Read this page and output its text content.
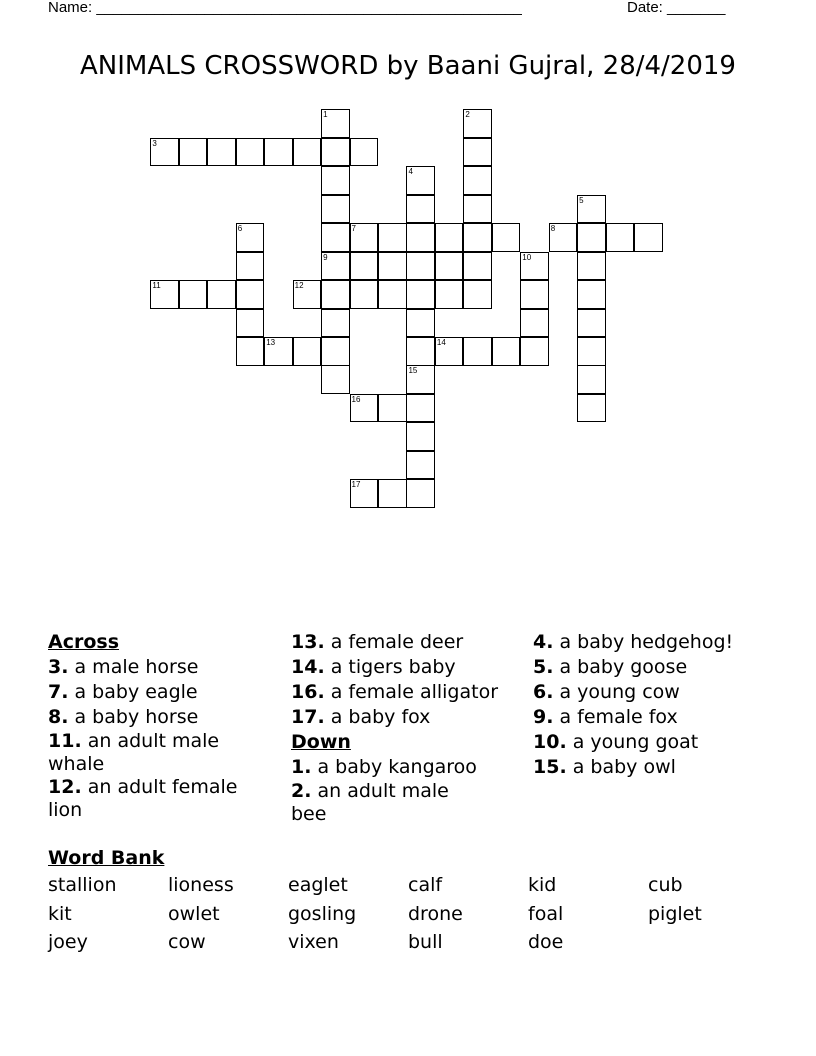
Name: ___________________________________________________	Date: _______
ANIMALS CROSSWORD by Baani Gujral, 28/4/2019
1
9
2
3
4
5
6	7	8
10
11	12
13	14
15
16
17
Across
3. a male horse
7. a baby eagle
8. a baby horse
11. an adult male whale
12. an adult female lion
13. a female deer
14. a tigers baby
16. a female alligator
17. a baby fox
Down
1. a baby kangaroo
2. an adult male bee
4. a baby hedgehog!
5. a baby goose
6. a young cow
9. a female fox
10. a young goat
15. a baby owl
Word Bank
stallion	lioness	eaglet	calf	kid	cub
kit	owlet	gosling	drone	foal	piglet
joey	cow	vixen	bull	doe
